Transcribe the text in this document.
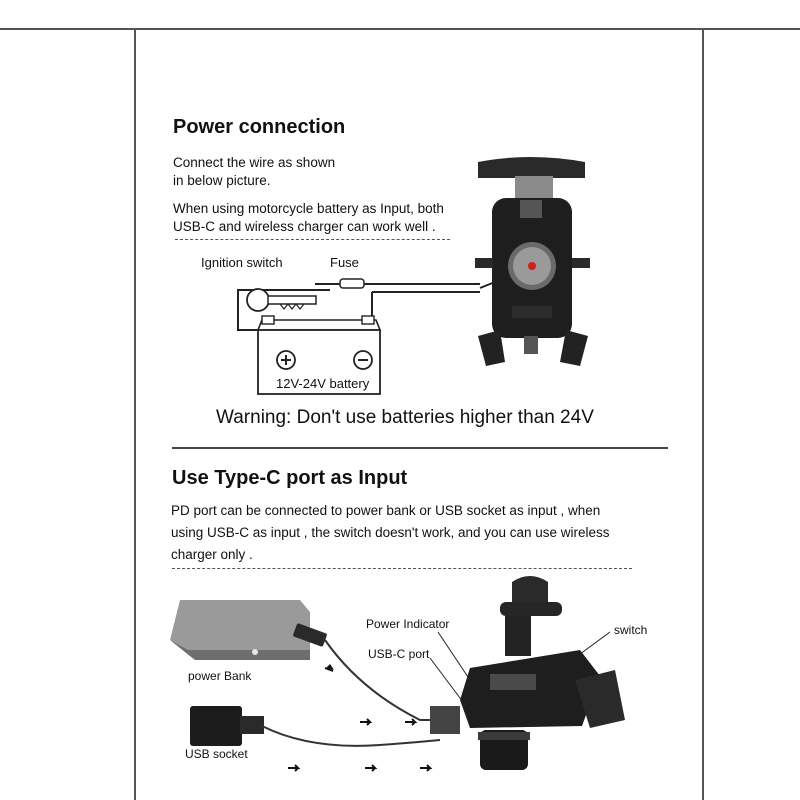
Power connection
Connect the wire as shown
in below picture.
When using motorcycle battery as Input, both
USB-C and wireless charger can work well .
Ignition switch	Fuse
12V-24V battery
Warning: Don't use batteries higher than 24V
Use Type-C port as Input
PD port can be connected to power bank or USB socket as input , when
using USB-C as input , the switch doesn't work, and you can use wireless
charger only .
Power Indicator
USB-C port
switch
power Bank
USB socket
